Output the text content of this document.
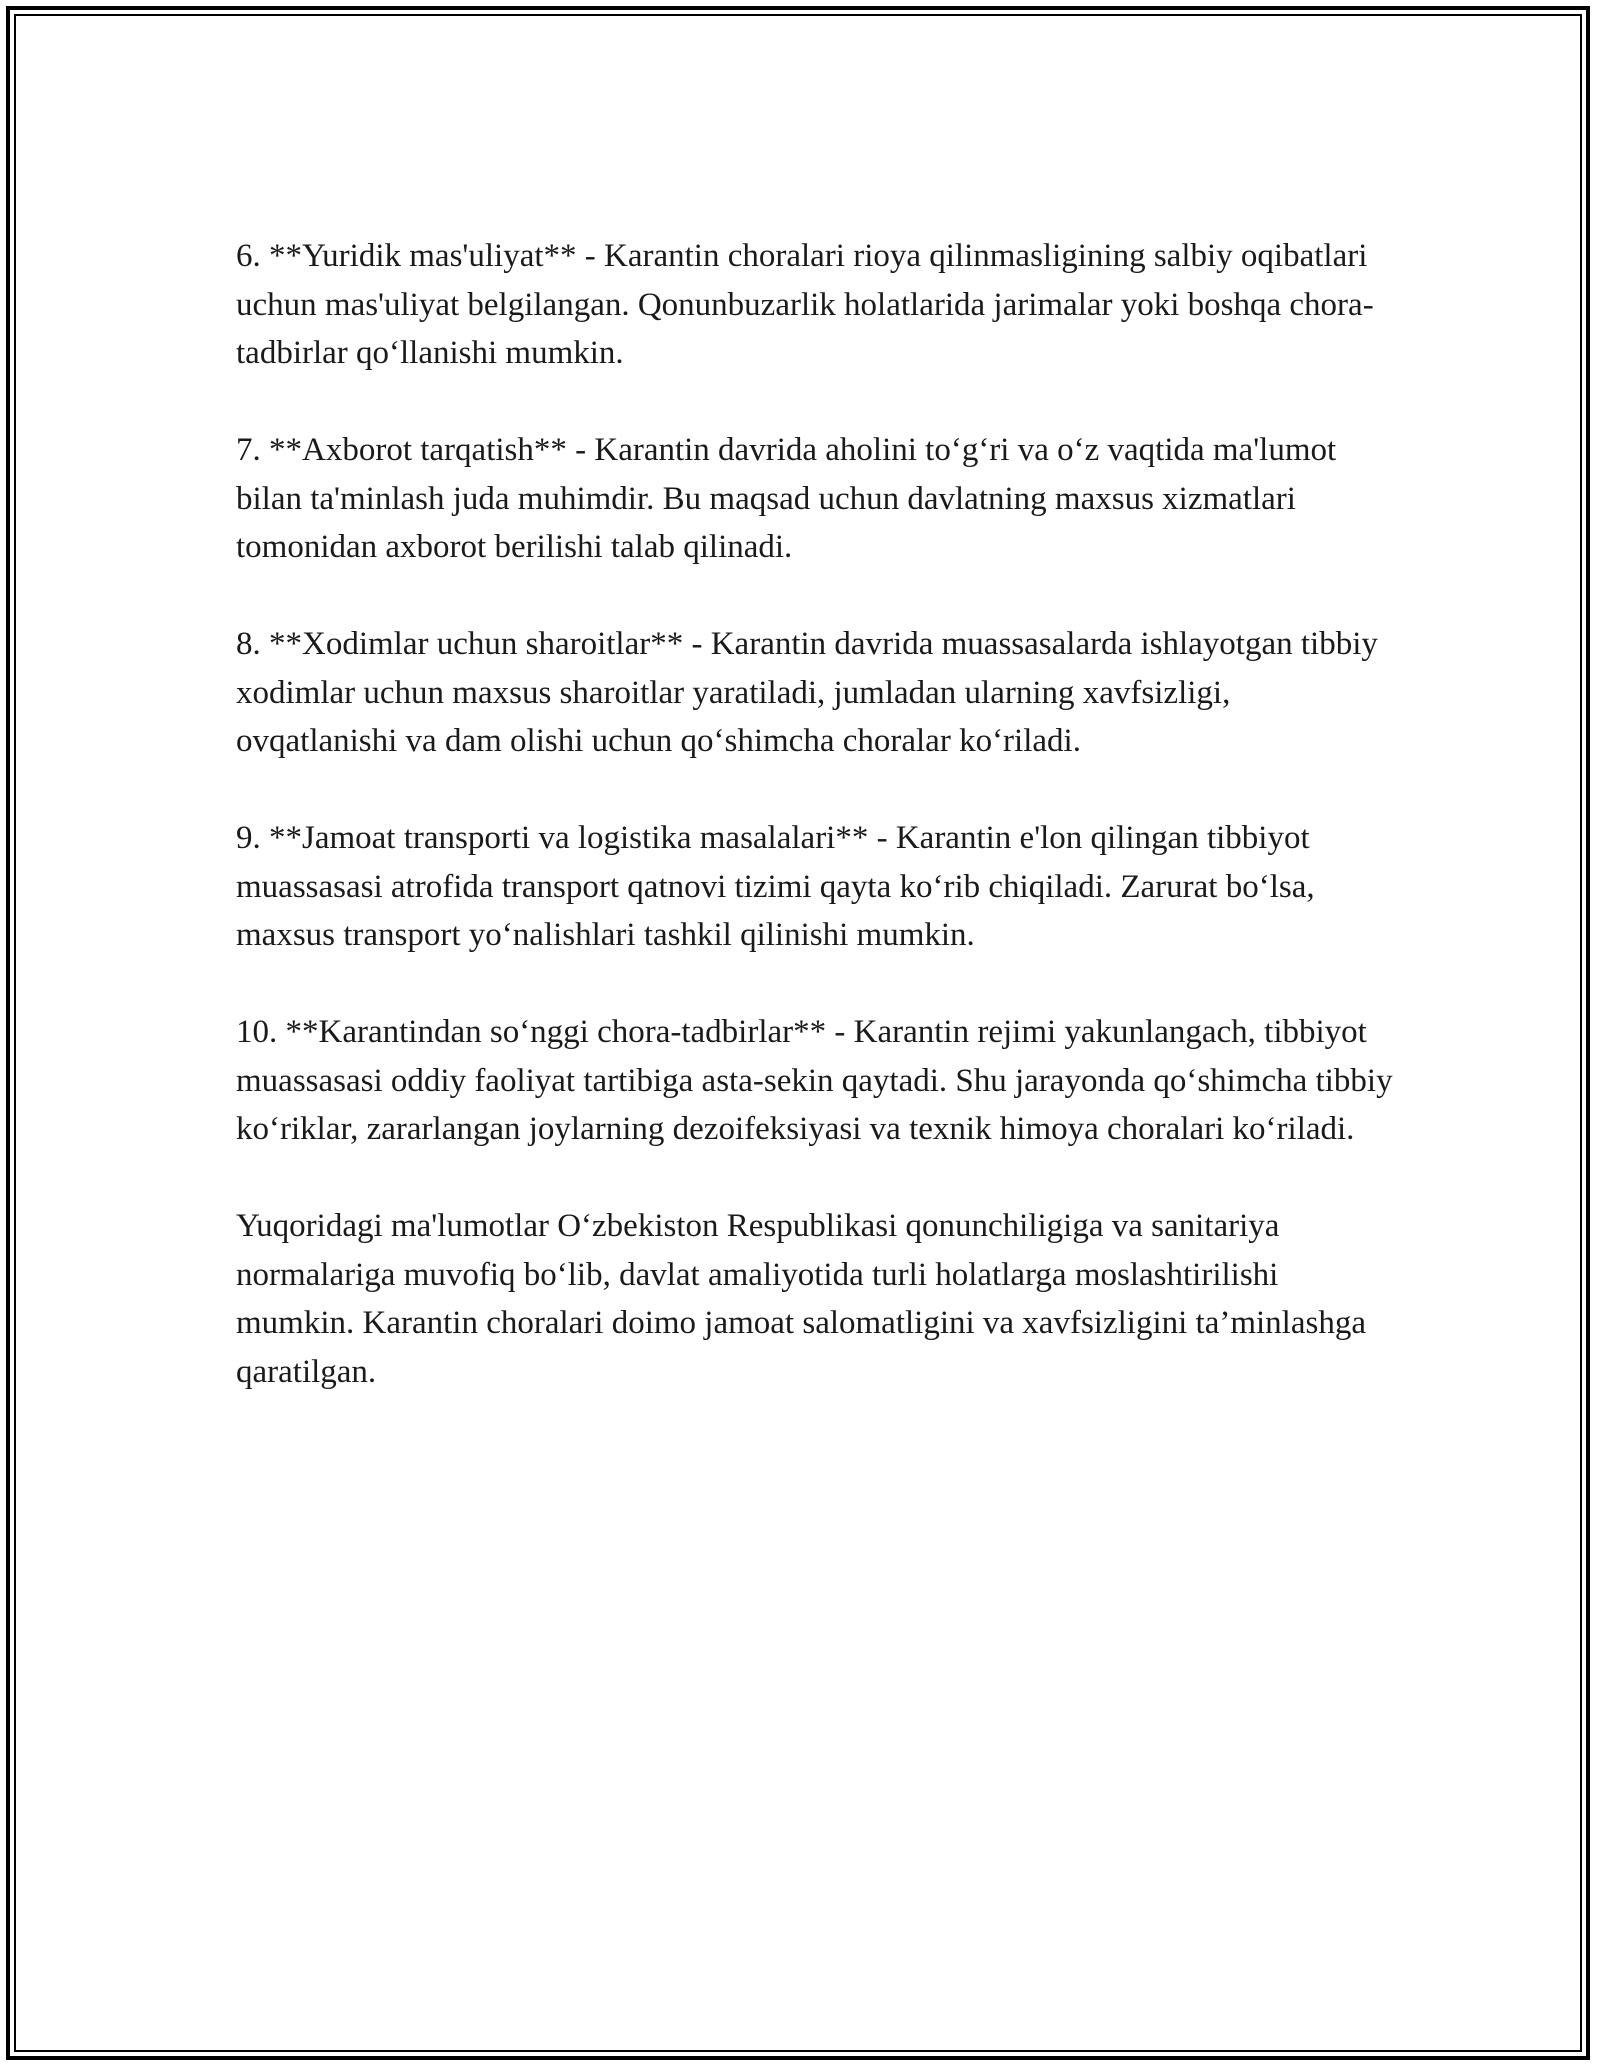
6. **Yuridik mas'uliyat** - Karantin choralari rioya qilinmasligining salbiy oqibatlari uchun mas'uliyat belgilangan. Qonunbuzarlik holatlarida jarimalar yoki boshqa chora-tadbirlar qo‘llanishi mumkin.

7. **Axborot tarqatish** - Karantin davrida aholini to‘g‘ri va o‘z vaqtida ma'lumot bilan ta'minlash juda muhimdir. Bu maqsad uchun davlatning maxsus xizmatlari tomonidan axborot berilishi talab qilinadi.

8. **Xodimlar uchun sharoitlar** - Karantin davrida muassasalarda ishlayotgan tibbiy xodimlar uchun maxsus sharoitlar yaratiladi, jumladan ularning xavfsizligi, ovqatlanishi va dam olishi uchun qo‘shimcha choralar ko‘riladi.

9. **Jamoat transporti va logistika masalalari** - Karantin e'lon qilingan tibbiyot muassasasi atrofida transport qatnovi tizimi qayta ko‘rib chiqiladi. Zarurat bo‘lsa, maxsus transport yo‘nalishlari tashkil qilinishi mumkin.

10. **Karantindan so‘nggi chora-tadbirlar** - Karantin rejimi yakunlangach, tibbiyot muassasasi oddiy faoliyat tartibiga asta-sekin qaytadi. Shu jarayonda qo‘shimcha tibbiy ko‘riklar, zararlangan joylarning dezoifeksiyasi va texnik himoya choralari ko‘riladi.

Yuqoridagi ma'lumotlar O‘zbekiston Respublikasi qonunchiligiga va sanitariya normalariga muvofiq bo‘lib, davlat amaliyotida turli holatlarga moslashtirilishi mumkin. Karantin choralari doimo jamoat salomatligini va xavfsizligini ta’minlashga qaratilgan.
